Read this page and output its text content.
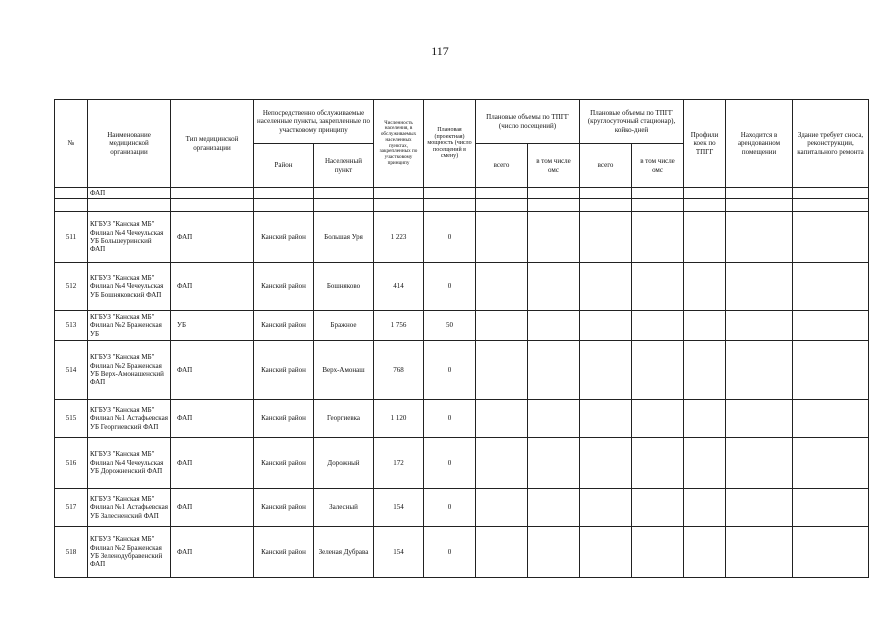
117
№	Наименование медицинской организации	Тип медицинской организации	Непосредственно обслуживаемые населенные пункты, закрепленные по участковому принципу		Численность населения, в обслуживаемых населенных пунктах, закрепленных по участковому принципу	Плановая (проектная) мощность (число посещений в смену)	Плановые объемы по ТПГГ (число посещений)		Плановые объемы по ТПГГ (круглосуточный стационар), койко-дней		Профили коек по ТПГГ	Находится в арендованном помещении	Здание требует сноса, реконструкции, капитального ремонта
			Район	Населенный пункт			всего	в том числе омс	всего	в том числе омс			
	ФАП												

511	КГБУЗ "Канская МБ" Филиал №4 Чечеульская УБ Большеуринский ФАП	ФАП	Канский район	Большая Уря	1 223	0							
512	КГБУЗ "Канская МБ" Филиал №4 Чечеульская УБ Бошняковский ФАП	ФАП	Канский район	Бошняково	414	0							
513	КГБУЗ "Канская МБ" Филиал №2 Браженская УБ	УБ	Канский район	Бражное	1 756	50							
514	КГБУЗ "Канская МБ" Филиал №2 Браженская УБ Верх-Амонашенский ФАП	ФАП	Канский район	Верх-Амонаш	768	0							
515	КГБУЗ "Канская МБ" Филиал №1 Астафьевская УБ Георгиевский ФАП	ФАП	Канский район	Георгиевка	1 120	0							
516	КГБУЗ "Канская МБ" Филиал №4 Чечеульская УБ Дорожненский ФАП	ФАП	Канский район	Дорожный	172	0							
517	КГБУЗ "Канская МБ" Филиал №1 Астафьевская УБ Залесненский ФАП	ФАП	Канский район	Залесный	154	0							
518	КГБУЗ "Канская МБ" Филиал №2 Браженская УБ Зеленодубравенский ФАП	ФАП	Канский район	Зеленая Дубрава	154	0							
